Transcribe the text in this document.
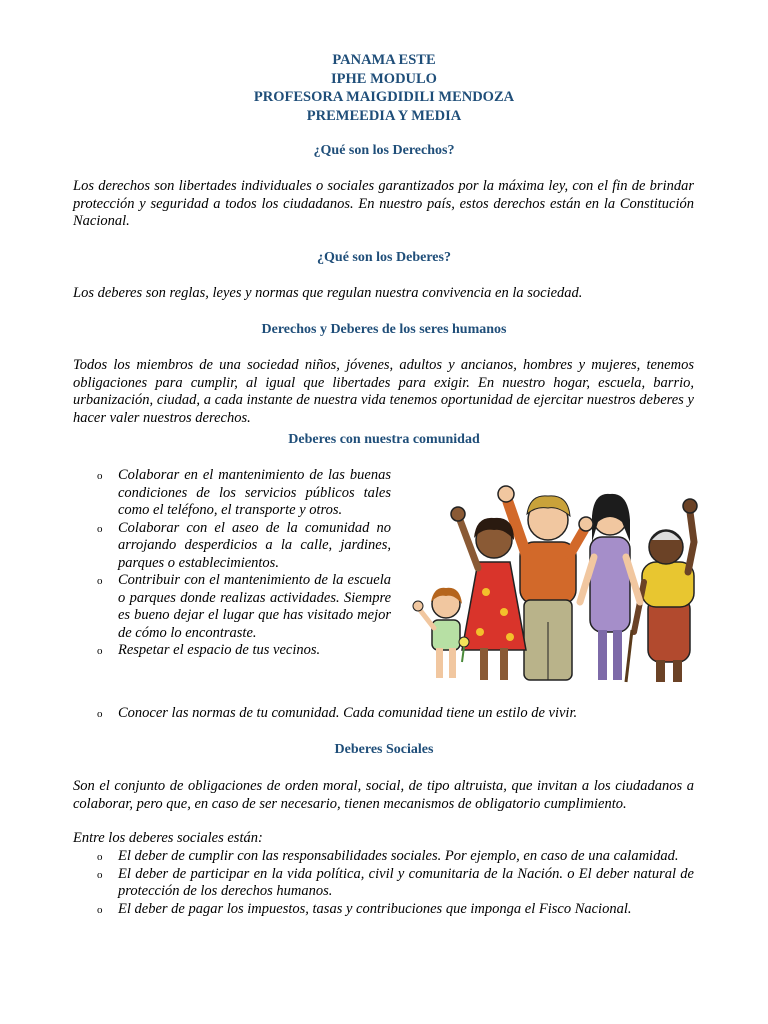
PANAMA ESTE
IPHE MODULO
PROFESORA MAIGDIDILI MENDOZA
PREMEEDIA Y MEDIA
¿Qué son los Derechos?
Los derechos son libertades individuales o sociales garantizados por la máxima ley, con el fin de brindar protección y seguridad a todos los ciudadanos. En nuestro país, estos derechos están en la Constitución Nacional.
¿Qué son los Deberes?
Los deberes son reglas, leyes y normas que regulan nuestra convivencia en la sociedad.
Derechos y Deberes de los seres humanos
Todos los miembros de una sociedad niños, jóvenes, adultos y ancianos, hombres y mujeres, tenemos obligaciones para cumplir, al igual que libertades para exigir. En nuestro hogar, escuela, barrio, urbanización, ciudad, a cada instante de nuestra vida tenemos oportunidad de ejercitar nuestros deberes y hacer valer nuestros derechos.
Deberes con nuestra comunidad
o Colaborar en el mantenimiento de las buenas condiciones de los servicios públicos tales como el teléfono, el transporte y otros.
o Colaborar con el aseo de la comunidad no arrojando desperdicios a la calle, jardines, parques o establecimientos.
o Contribuir con el mantenimiento de la escuela o parques donde realizas actividades. Siempre es bueno dejar el lugar que has visitado mejor de cómo lo encontraste.
o Respetar el espacio de tus vecinos.
o Conocer las normas de tu comunidad. Cada comunidad tiene un estilo de vivir.
Deberes Sociales
Son el conjunto de obligaciones de orden moral, social, de tipo altruista, que invitan a los ciudadanos a colaborar, pero que, en caso de ser necesario, tienen mecanismos de obligatorio cumplimiento.
Entre los deberes sociales están:
o El deber de cumplir con las responsabilidades sociales. Por ejemplo, en caso de una calamidad.
o El deber de participar en la vida política, civil y comunitaria de la Nación. o El deber natural de protección de los derechos humanos.
o El deber de pagar los impuestos, tasas y contribuciones que imponga el Fisco Nacional.
